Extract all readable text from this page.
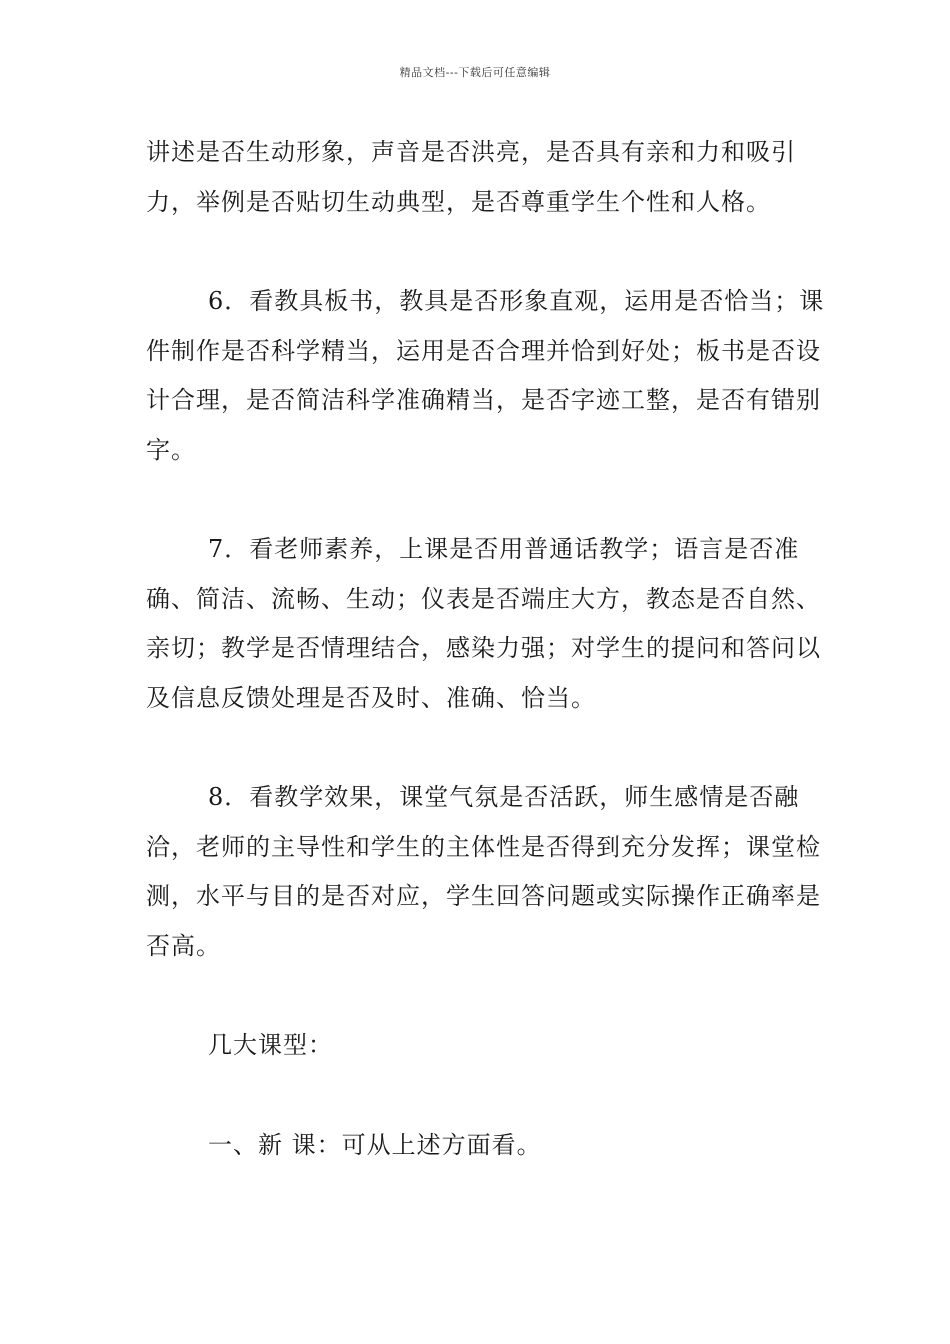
精品文档---下载后可任意编辑

讲述是否生动形象，声音是否洪亮，是否具有亲和力和吸引力，举例是否贴切生动典型，是否尊重学生个性和人格。

6．看教具板书，教具是否形象直观，运用是否恰当；课件制作是否科学精当，运用是否合理并恰到好处；板书是否设计合理，是否简洁科学准确精当，是否字迹工整，是否有错别字。

7．看老师素养，上课是否用普通话教学；语言是否准确、简洁、流畅、生动；仪表是否端庄大方，教态是否自然、亲切；教学是否情理结合，感染力强；对学生的提问和答问以及信息反馈处理是否及时、准确、恰当。

8．看教学效果，课堂气氛是否活跃，师生感情是否融洽，老师的主导性和学生的主体性是否得到充分发挥；课堂检测，水平与目的是否对应，学生回答问题或实际操作正确率是否高。

几大课型：

一、新 课：可从上述方面看。
